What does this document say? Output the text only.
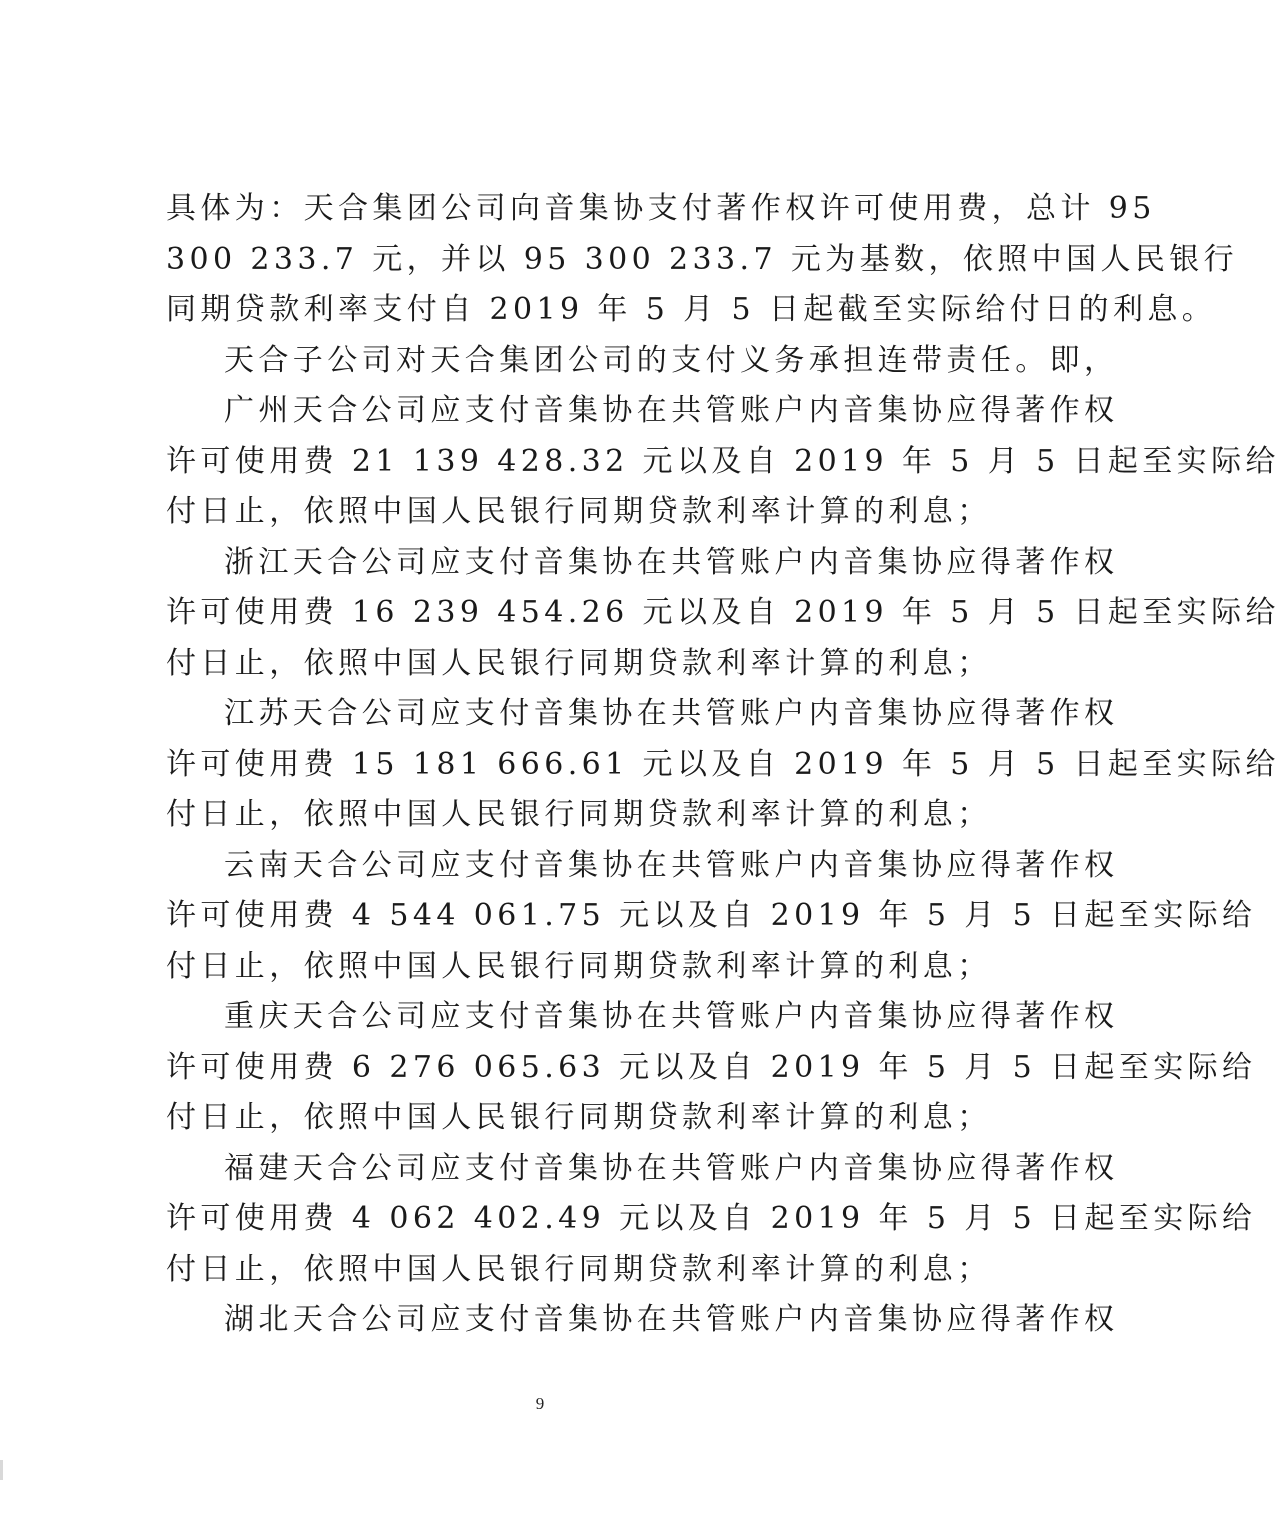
具体为：天合集团公司向音集协支付著作权许可使用费，总计 95
300 233.7 元，并以 95 300 233.7 元为基数，依照中国人民银行
同期贷款利率支付自 2019 年 5 月 5 日起截至实际给付日的利息。
天合子公司对天合集团公司的支付义务承担连带责任。即，
广州天合公司应支付音集协在共管账户内音集协应得著作权
许可使用费 21 139 428.32 元以及自 2019 年 5 月 5 日起至实际给
付日止，依照中国人民银行同期贷款利率计算的利息；
浙江天合公司应支付音集协在共管账户内音集协应得著作权
许可使用费 16 239 454.26 元以及自 2019 年 5 月 5 日起至实际给
付日止，依照中国人民银行同期贷款利率计算的利息；
江苏天合公司应支付音集协在共管账户内音集协应得著作权
许可使用费 15 181 666.61 元以及自 2019 年 5 月 5 日起至实际给
付日止，依照中国人民银行同期贷款利率计算的利息；
云南天合公司应支付音集协在共管账户内音集协应得著作权
许可使用费 4 544 061.75 元以及自 2019 年 5 月 5 日起至实际给
付日止，依照中国人民银行同期贷款利率计算的利息；
重庆天合公司应支付音集协在共管账户内音集协应得著作权
许可使用费 6 276 065.63 元以及自 2019 年 5 月 5 日起至实际给
付日止，依照中国人民银行同期贷款利率计算的利息；
福建天合公司应支付音集协在共管账户内音集协应得著作权
许可使用费 4 062 402.49 元以及自 2019 年 5 月 5 日起至实际给
付日止，依照中国人民银行同期贷款利率计算的利息；
湖北天合公司应支付音集协在共管账户内音集协应得著作权
9
